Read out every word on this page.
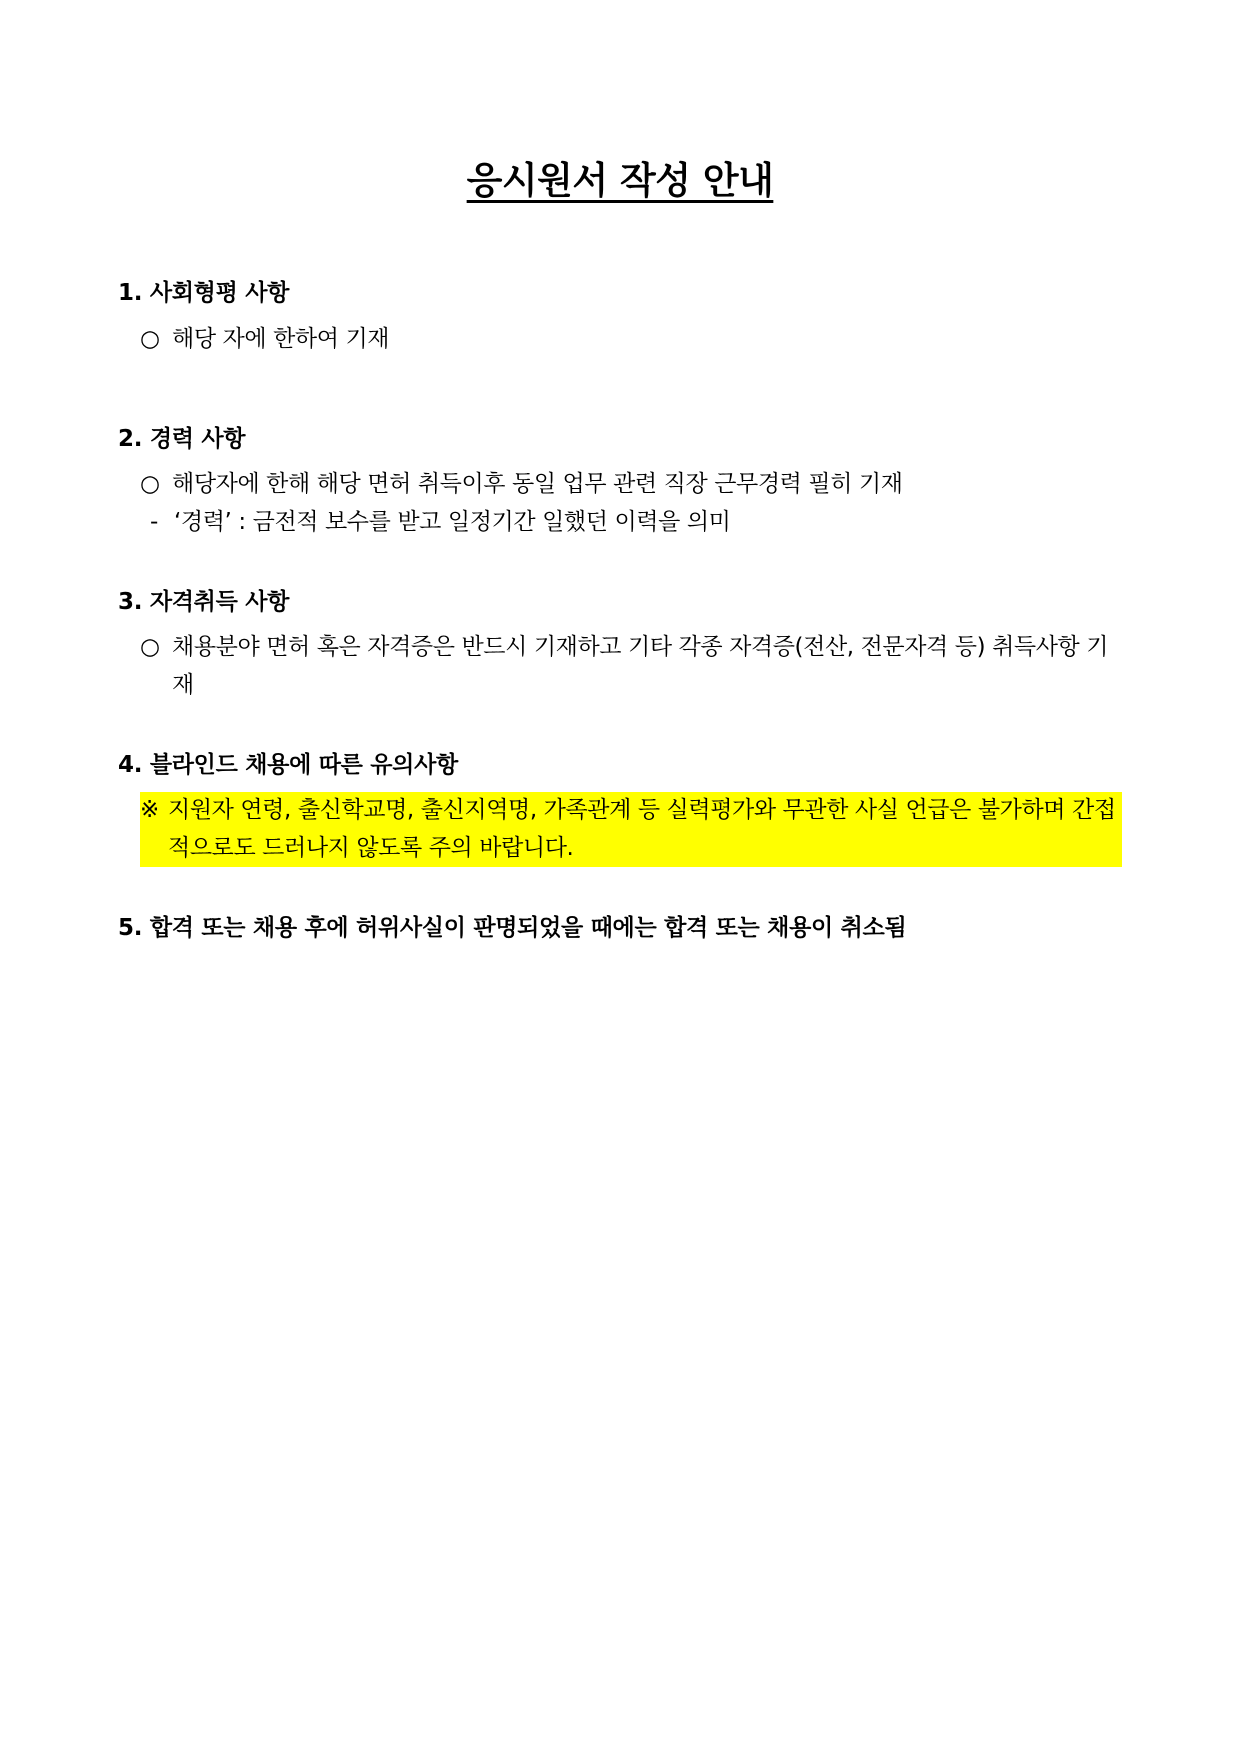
응시원서 작성 안내

1. 사회형평 사항

○ 해당 자에 한하여 기재

2. 경력 사항

○ 해당자에 한해 해당 면허 취득이후 동일 업무 관련 직장 근무경력 필히 기재
- ‘경력’ : 금전적 보수를 받고 일정기간 일했던 이력을 의미

3. 자격취득 사항

○ 채용분야 면허 혹은 자격증은 반드시 기재하고 기타 각종 자격증(전산, 전문자격 등) 취득사항 기재

4. 블라인드 채용에 따른 유의사항

※ 지원자 연령, 출신학교명, 출신지역명, 가족관계 등 실력평가와 무관한 사실 언급은 불가하며 간접적으로도 드러나지 않도록 주의 바랍니다.

5. 합격 또는 채용 후에 허위사실이 판명되었을 때에는 합격 또는 채용이 취소됨
